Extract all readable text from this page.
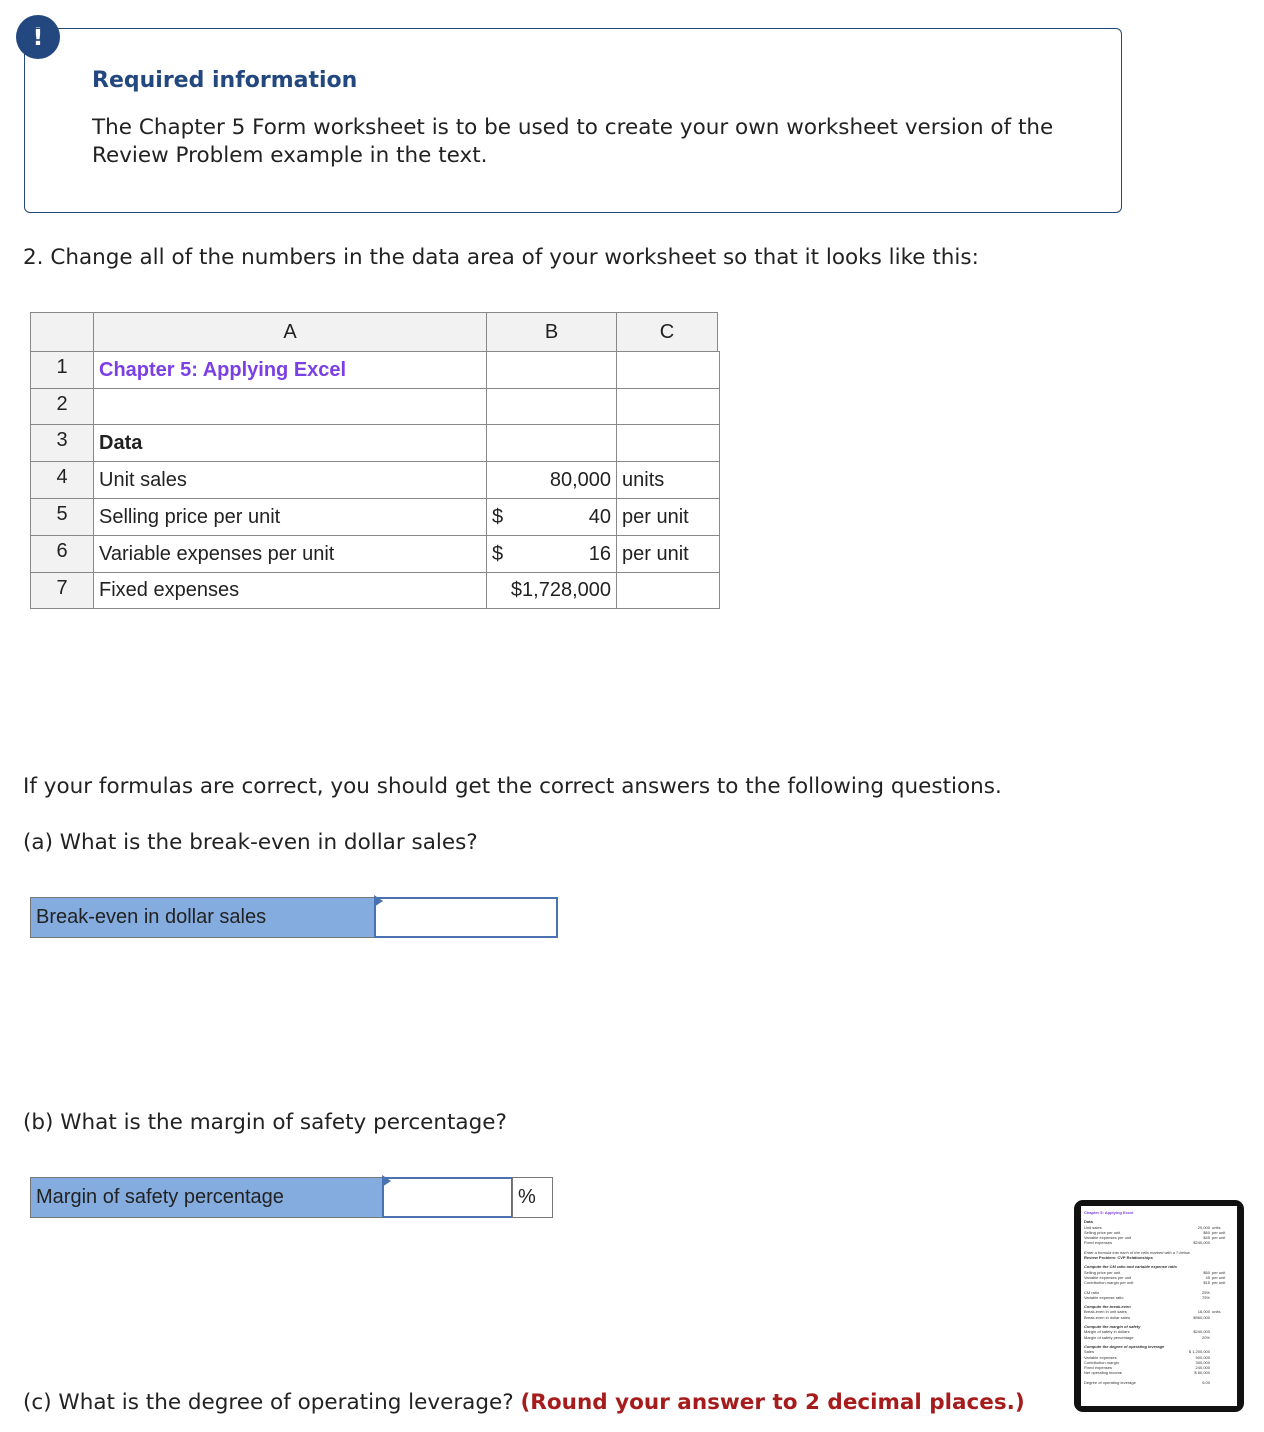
!
Required information
The Chapter 5 Form worksheet is to be used to create your own worksheet version of the Review Problem example in the text.
2. Change all of the numbers in the data area of your worksheet so that it looks like this:
A	B	C
1	Chapter 5: Applying Excel
2
3	Data
4	Unit sales	80,000 units
5	Selling price per unit	$	40 per unit
6	Variable expenses per unit	$	16 per unit
7	Fixed expenses	$1,728,000
If your formulas are correct, you should get the correct answers to the following questions.
(a) What is the break-even in dollar sales?
Break-even in dollar sales
(b) What is the margin of safety percentage?
Margin of safety percentage	%
(c) What is the degree of operating leverage? (Round your answer to 2 decimal places.)
Chapter 5: Applying Excel
Data
Unit sales	20,000 units
Selling price per unit	$60 per unit
Variable expenses per unit	$45 per unit
Fixed expenses	$240,000
Enter a formula into each of the cells marked with a ? below
Review Problem: CVP Relationships
Compute the CM ratio and variable expense ratio
Selling price per unit	$60 per unit
Variable expenses per unit	45 per unit
Contribution margin per unit	$15 per unit
CM ratio	25%
Variable expense ratio	75%
Compute the break-even
Break-even in unit sales	16,000 units
Break-even in dollar sales	$960,000
Compute the margin of safety
Margin of safety in dollars	$240,000
Margin of safety percentage	20%
Compute the degree of operating leverage
Sales	$ 1,200,000
Variable expenses	900,000
Contribution margin	300,000
Fixed expenses	240,000
Net operating income	$ 60,000
Degree of operating leverage	5.00
